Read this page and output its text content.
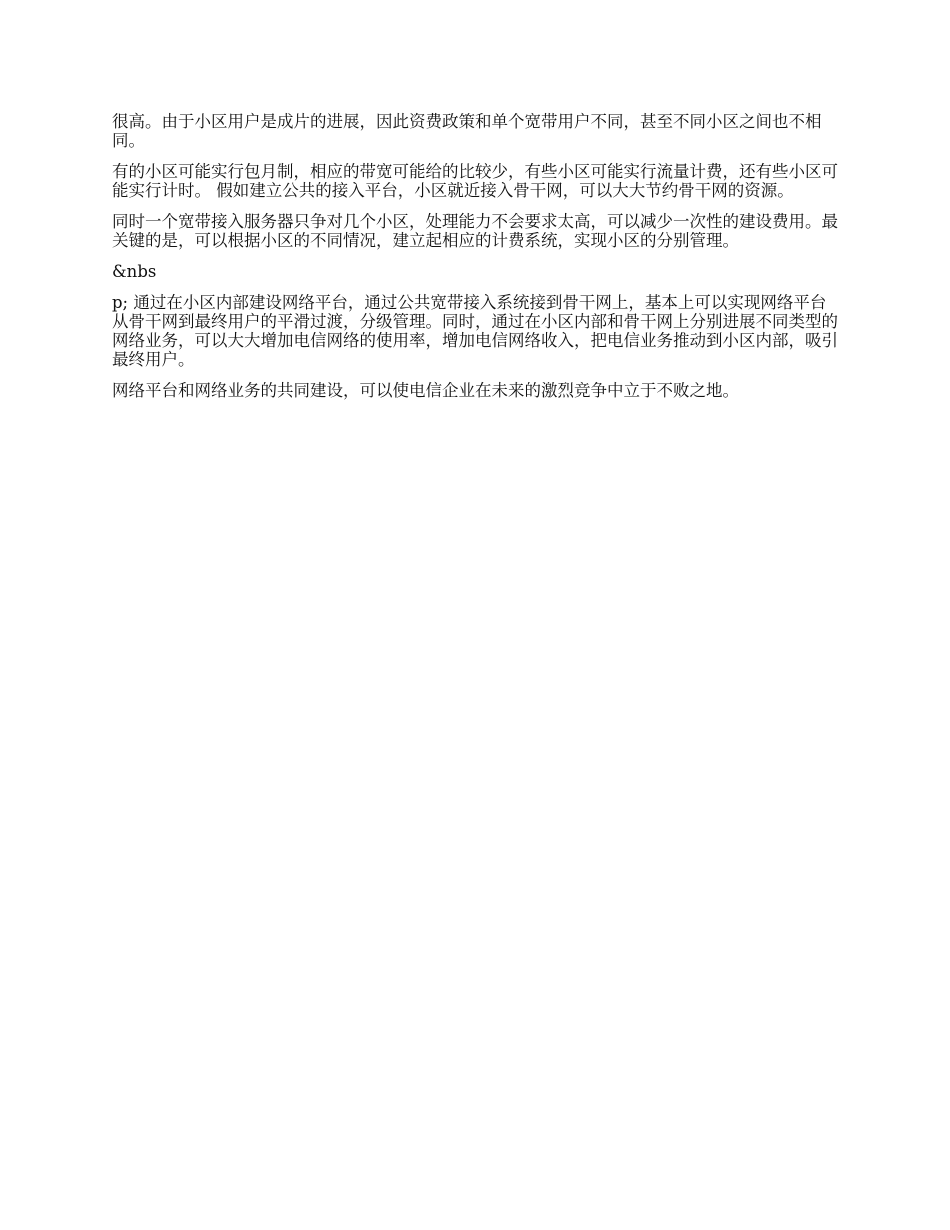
很高。由于小区用户是成片的进展，因此资费政策和单个宽带用户不同，甚至不同小区之间也不相同。

有的小区可能实行包月制，相应的带宽可能给的比较少，有些小区可能实行流量计费，还有些小区可能实行计时。 假如建立公共的接入平台，小区就近接入骨干网，可以大大节约骨干网的资源。

同时一个宽带接入服务器只争对几个小区，处理能力不会要求太高，可以减少一次性的建设费用。最关键的是，可以根据小区的不同情况，建立起相应的计费系统，实现小区的分别管理。

&nbs

p; 通过在小区内部建设网络平台，通过公共宽带接入系统接到骨干网上，基本上可以实现网络平台从骨干网到最终用户的平滑过渡，分级管理。同时，通过在小区内部和骨干网上分别进展不同类型的网络业务，可以大大增加电信网络的使用率，增加电信网络收入，把电信业务推动到小区内部，吸引最终用户。

网络平台和网络业务的共同建设，可以使电信企业在未来的激烈竞争中立于不败之地。
